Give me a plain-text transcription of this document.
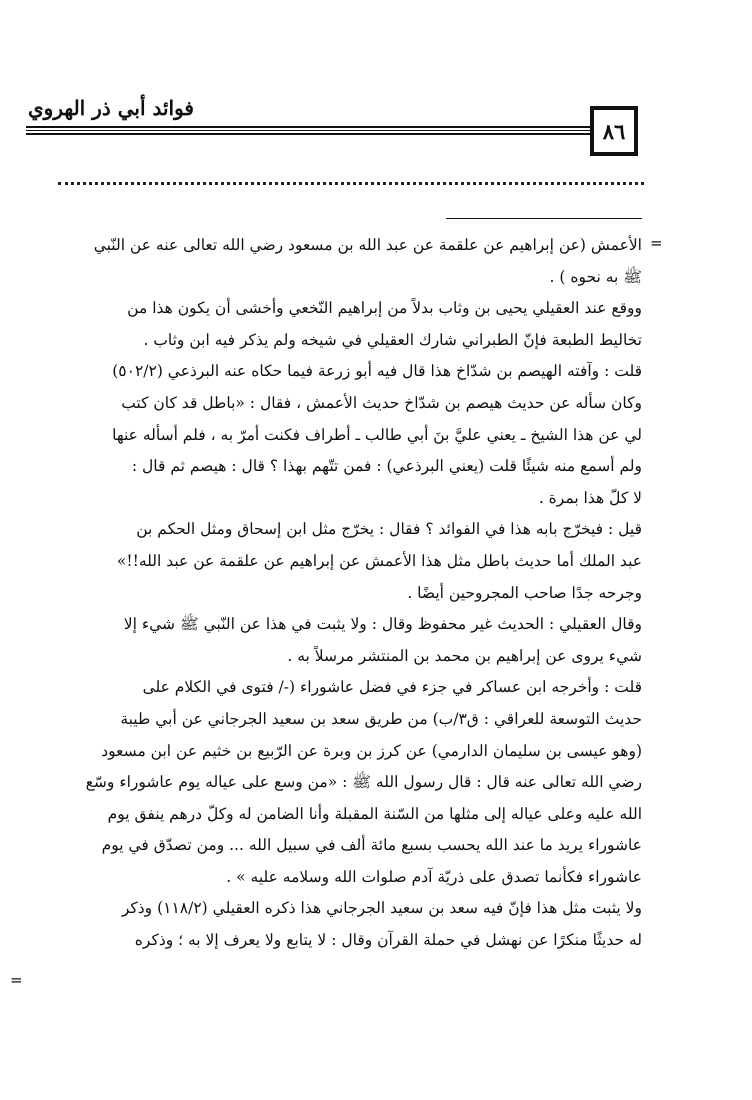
فوائد أبي ذر الهروي
٨٦
=
=
الأعمش (عن إبراهيم عن علقمة عن عبد الله بن مسعود رضي الله تعالى عنه عن النّبي
ﷺ به نحوه ) .
ووقع عند العقيلي يحيى بن وثاب بدلاً من إبراهيم النّخعي وأخشى أن يكون هذا من
تخاليط الطبعة فإنّ الطبراني شارك العقيلي في شيخه ولم يذكر فيه ابن وثاب .
قلت : وآفته الهيصم بن شدّاخ هذا قال فيه أبو زرعة فيما حكاه عنه البرذعي (٥٠٢/٢)
وكان سأله عن حديث هيصم بن شدّاخ حديث الأعمش ، فقال : «باطل قد كان كتب
لي عن هذا الشيخ ـ يعني عليَّ بنَ أبي طالب ـ أطراف فكنت أمرّ به ، فلم أسأله عنها
ولم أسمع منه شيئًا قلت (يعني البرذعي) : فمن تتّهم بهذا ؟ قال : هيصم ثم قال :
لا كلّ هذا بمرة .
قيل : فيخرّج بابه هذا في الفوائد ؟ فقال : يخرّج مثل ابن إسحاق ومثل الحكم بن
عبد الملك أما حديث باطل مثل هذا الأعمش عن إبراهيم عن علقمة عن عبد الله!!»
وجرحه جدًا صاحب المجروحين أيضًا .
وقال العقيلي : الحديث غير محفوظ وقال : ولا يثبت في هذا عن النّبي ﷺ شيء إلا
شيء يروى عن إبراهيم بن محمد بن المنتشر مرسلاً به .
قلت : وأخرجه ابن عساكر في جزء في فضل عاشوراء (-/ فتوى في الكلام على
حديث التوسعة للعراقي : ق٣/ب) من طريق سعد بن سعيد الجرجاني عن أبي طيبة
(وهو عيسى بن سليمان الدارمي) عن كرز بن وبرة عن الرّبيع بن خثيم عن ابن مسعود
رضي الله تعالى عنه قال : قال رسول الله ﷺ : «من وسع على عياله يوم عاشوراء وسّع
الله عليه وعلى عياله إلى مثلها من السّنة المقبلة وأنا الضامن له وكلّ درهم ينفق يوم
عاشوراء يريد ما عند الله يحسب بسبع مائة ألف في سبيل الله ... ومن تصدّق في يوم
عاشوراء فكأنما تصدق على ذريّة آدم صلوات الله وسلامه عليه » .
ولا يثبت مثل هذا فإنّ فيه سعد بن سعيد الجرجاني هذا ذكره العقيلي (١١٨/٢) وذكر
له حديثًا منكرًا عن نهشل في حملة القرآن وقال : لا يتابع ولا يعرف إلا به ؛ وذكره
